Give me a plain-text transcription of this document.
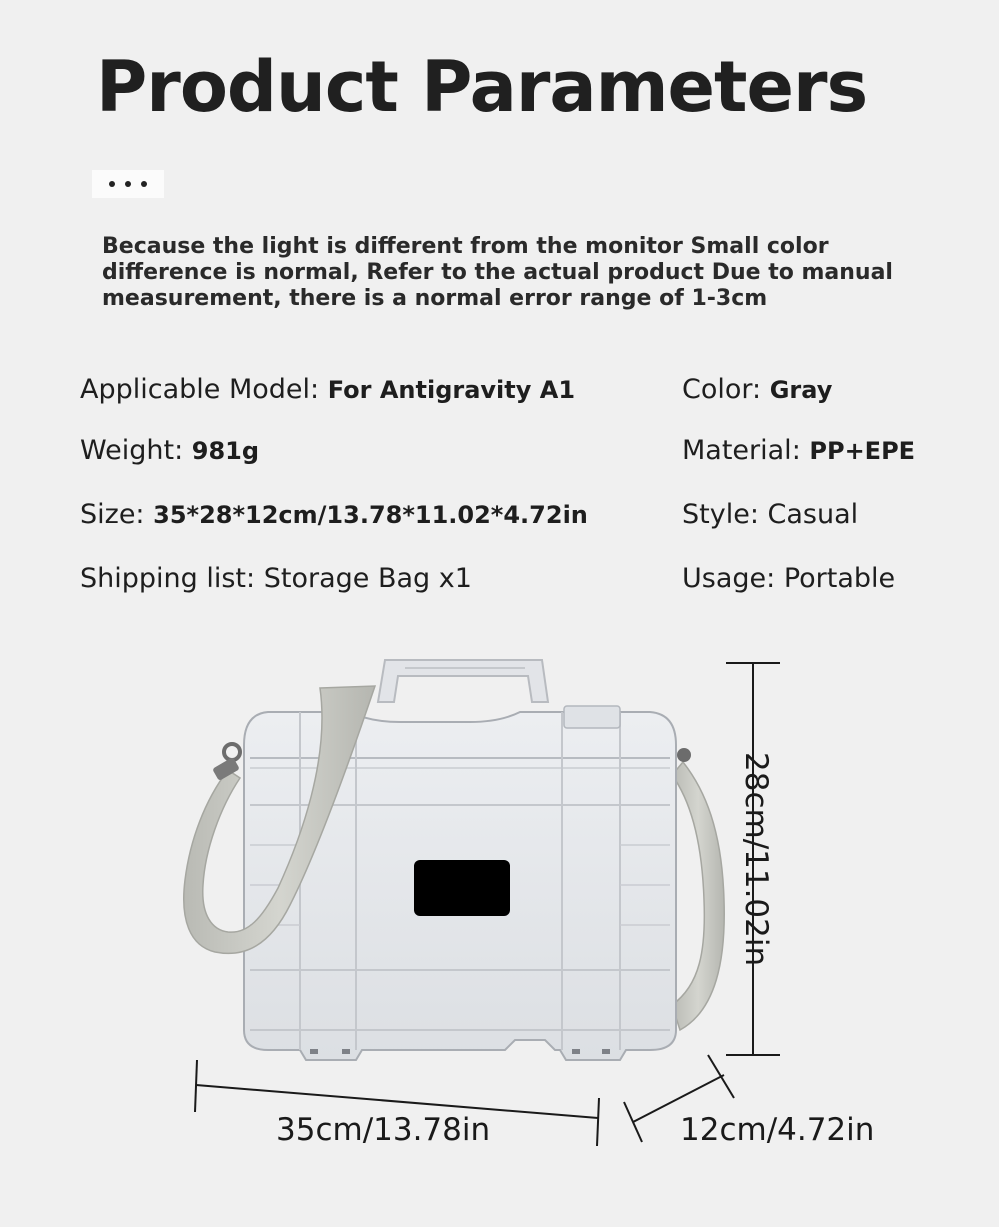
Product Parameters

Because the light is different from the monitor Small color difference is normal, Refer to the actual product Due to manual measurement, there is a normal error range of 1-3cm

Applicable Model: For Antigravity A1	Color: Gray
Weight: 981g	Material: PP+EPE
Size: 35*28*12cm/13.78*11.02*4.72in	Style: Casual
Shipping list: Storage Bag x1	Usage: Portable
35cm/13.78in	12cm/4.72in
28cm/11.02in
